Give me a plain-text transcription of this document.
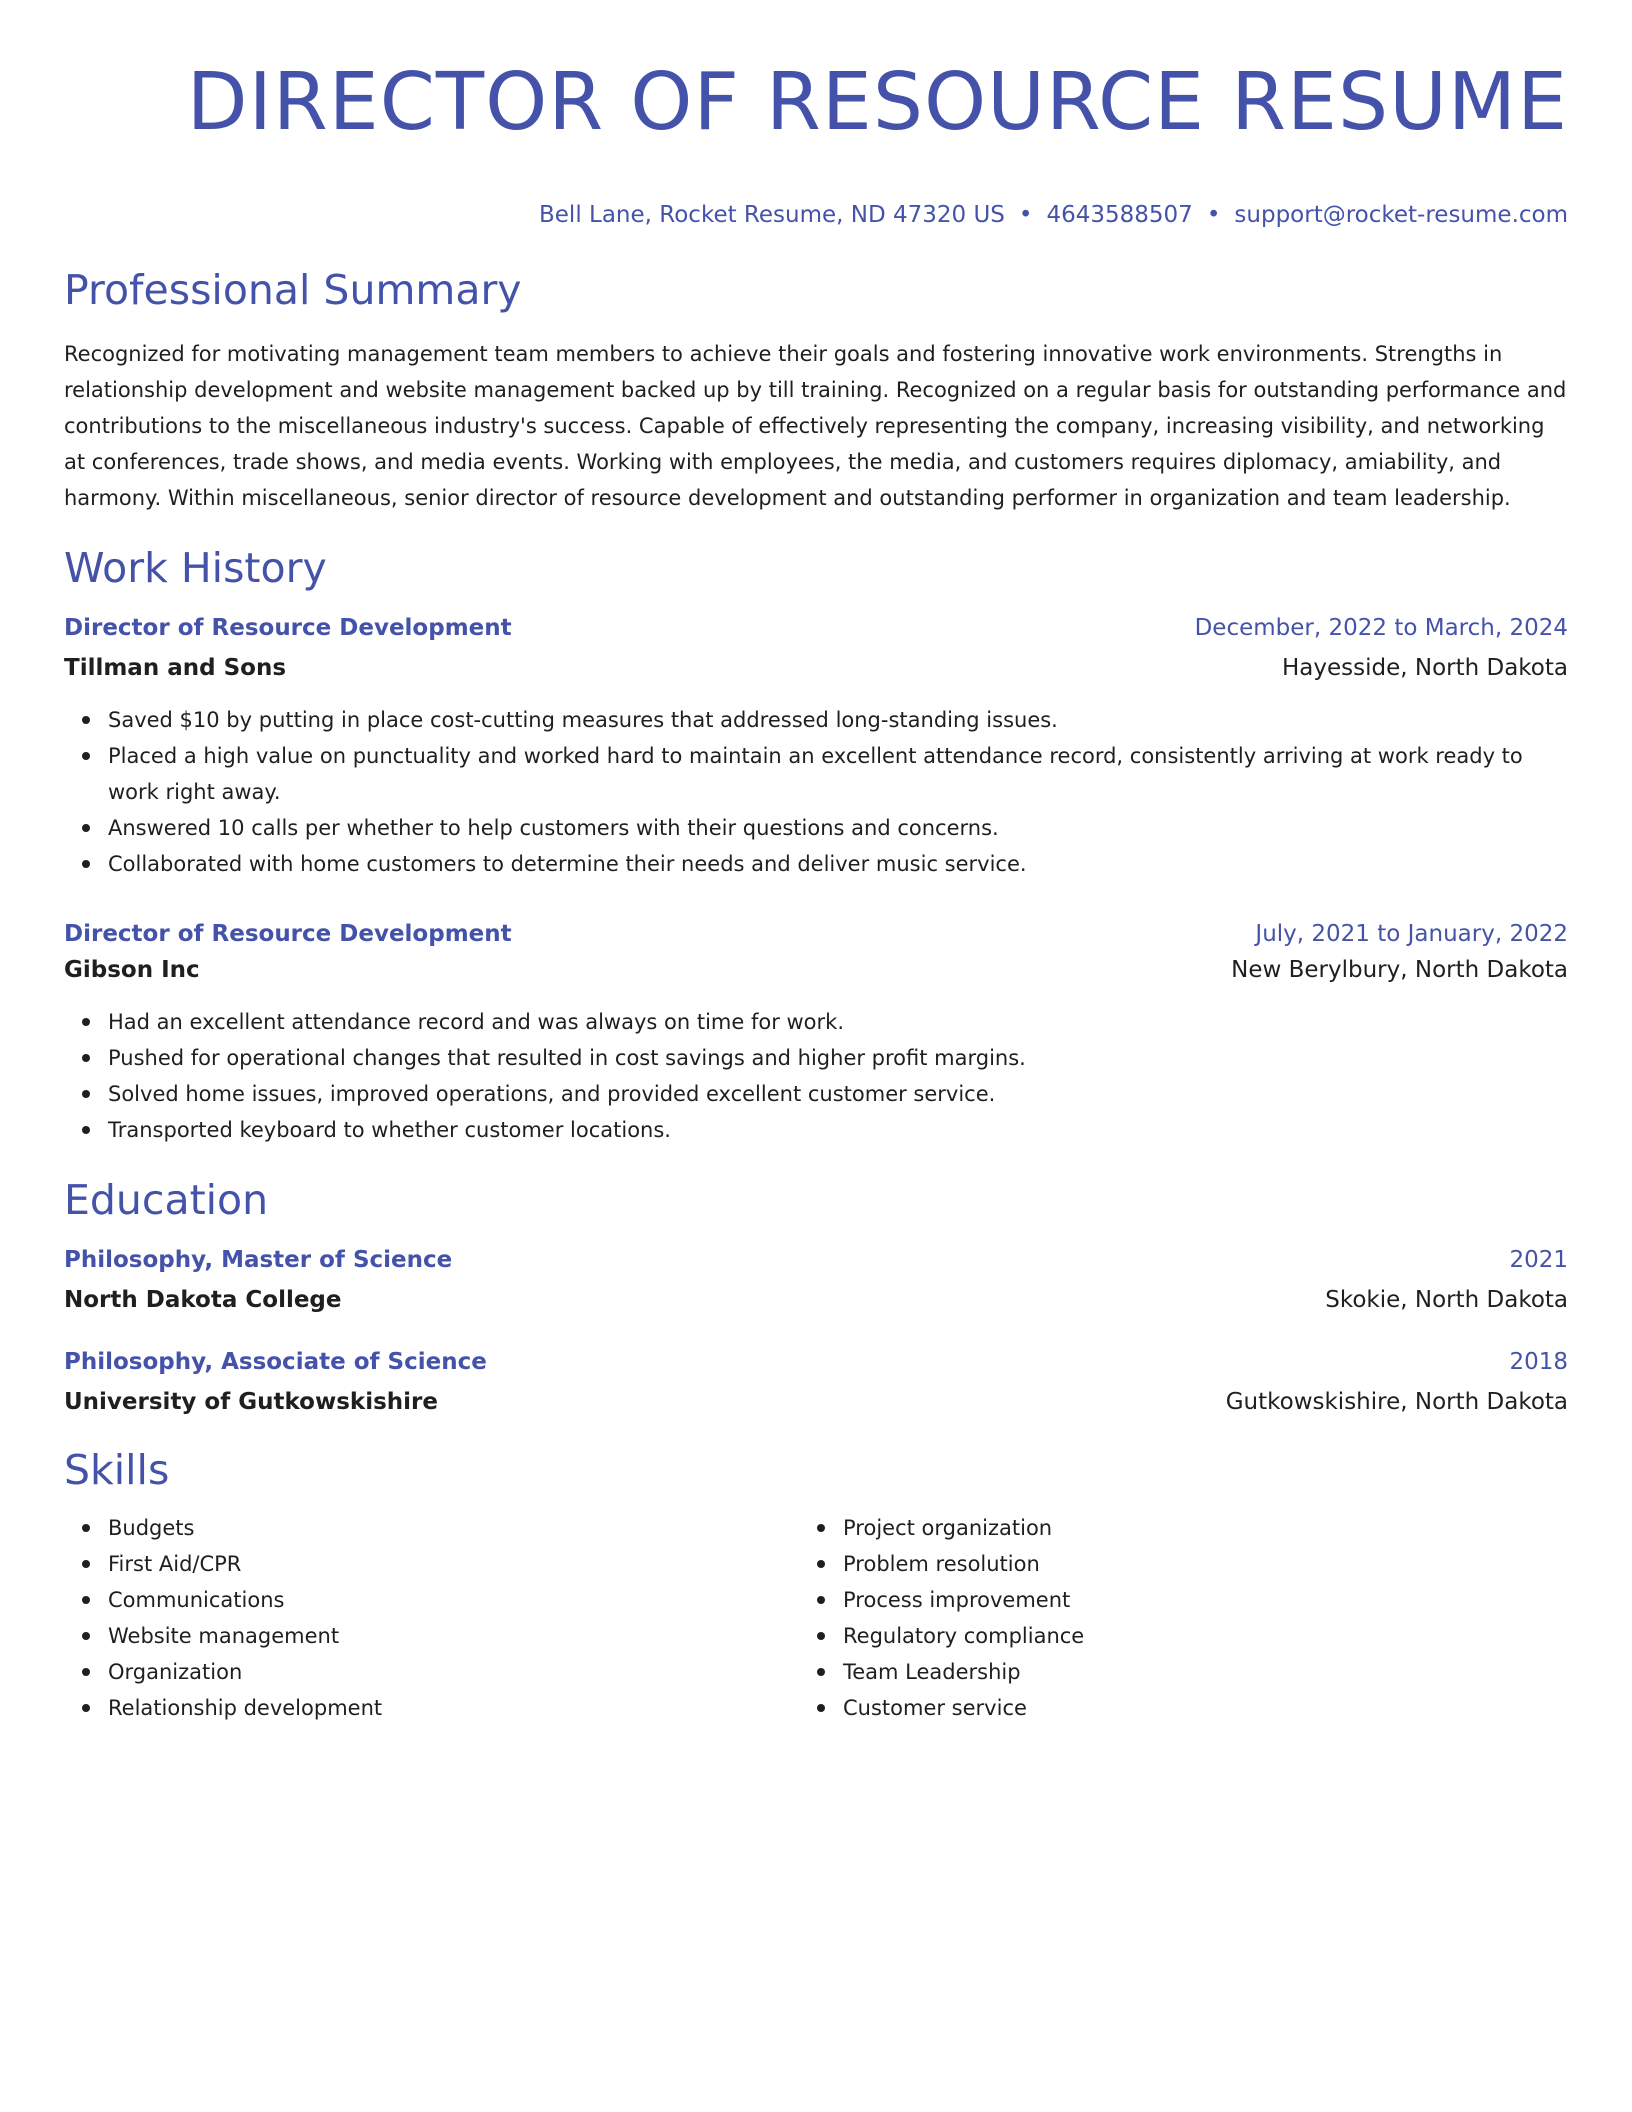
DIRECTOR OF RESOURCE RESUME
Bell Lane, Rocket Resume, ND 47320 US • 4643588507 • support@rocket-resume.com
Professional Summary
Recognized for motivating management team members to achieve their goals and fostering innovative work environments. Strengths in relationship development and website management backed up by till training. Recognized on a regular basis for outstanding performance and contributions to the miscellaneous industry's success. Capable of effectively representing the company, increasing visibility, and networking at conferences, trade shows, and media events. Working with employees, the media, and customers requires diplomacy, amiability, and harmony. Within miscellaneous, senior director of resource development and outstanding performer in organization and team leadership.
Work History
Director of Resource Development	December, 2022 to March, 2024
Tillman and Sons	Hayesside, North Dakota
Saved $10 by putting in place cost-cutting measures that addressed long-standing issues.
Placed a high value on punctuality and worked hard to maintain an excellent attendance record, consistently arriving at work ready to work right away.
Answered 10 calls per whether to help customers with their questions and concerns.
Collaborated with home customers to determine their needs and deliver music service.
Director of Resource Development	July, 2021 to January, 2022
Gibson Inc	New Berylbury, North Dakota
Had an excellent attendance record and was always on time for work.
Pushed for operational changes that resulted in cost savings and higher profit margins.
Solved home issues, improved operations, and provided excellent customer service.
Transported keyboard to whether customer locations.
Education
Philosophy, Master of Science	2021
North Dakota College	Skokie, North Dakota
Philosophy, Associate of Science	2018
University of Gutkowskishire	Gutkowskishire, North Dakota
Skills
Budgets
First Aid/CPR
Communications
Website management
Organization
Relationship development
Project organization
Problem resolution
Process improvement
Regulatory compliance
Team Leadership
Customer service
